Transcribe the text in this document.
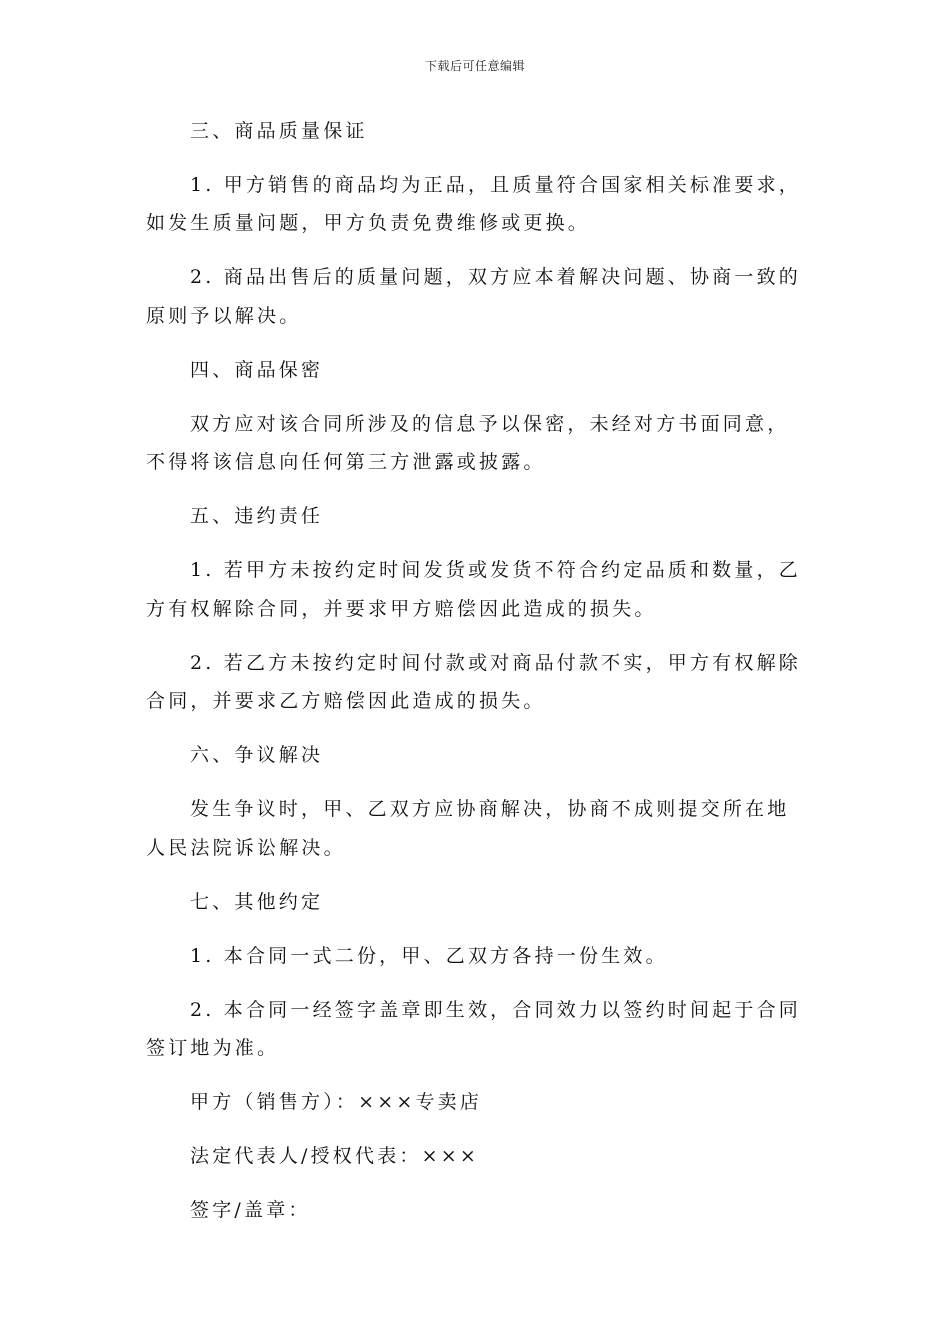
下载后可任意编辑
三、商品质量保证
1. 甲方销售的商品均为正品，且质量符合国家相关标准要求，
如发生质量问题，甲方负责免费维修或更换。
2. 商品出售后的质量问题，双方应本着解决问题、协商一致的
原则予以解决。
四、商品保密
双方应对该合同所涉及的信息予以保密，未经对方书面同意，
不得将该信息向任何第三方泄露或披露。
五、违约责任
1. 若甲方未按约定时间发货或发货不符合约定品质和数量，乙
方有权解除合同，并要求甲方赔偿因此造成的损失。
2. 若乙方未按约定时间付款或对商品付款不实，甲方有权解除
合同，并要求乙方赔偿因此造成的损失。
六、争议解决
发生争议时，甲、乙双方应协商解决，协商不成则提交所在地
人民法院诉讼解决。
七、其他约定
1. 本合同一式二份，甲、乙双方各持一份生效。
2. 本合同一经签字盖章即生效，合同效力以签约时间起于合同
签订地为准。
甲方（销售方）：×××专卖店
法定代表人/授权代表：×××
签字/盖章：
